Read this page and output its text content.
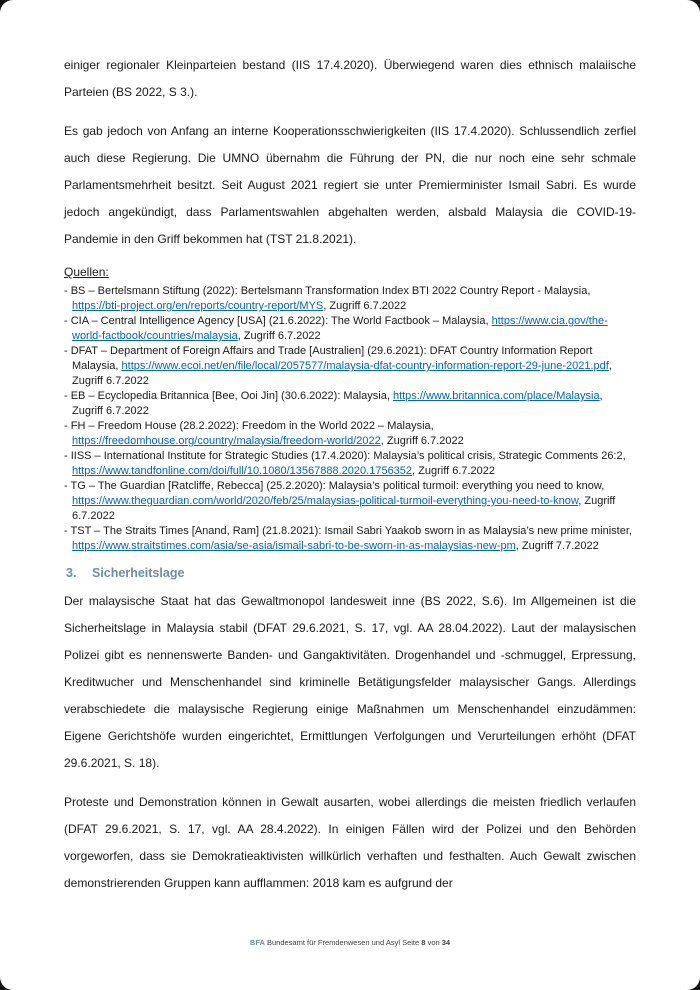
einiger regionaler Kleinparteien bestand (IIS 17.4.2020). Überwiegend waren dies ethnisch malaiische Parteien (BS 2022, S 3.).

Es gab jedoch von Anfang an interne Kooperationsschwierigkeiten (IIS 17.4.2020). Schlussendlich zerfiel auch diese Regierung. Die UMNO übernahm die Führung der PN, die nur noch eine sehr schmale Parlamentsmehrheit besitzt. Seit August 2021 regiert sie unter Premierminister Ismail Sabri. Es wurde jedoch angekündigt, dass Parlamentswahlen abgehalten werden, alsbald Malaysia die COVID-19-Pandemie in den Griff bekommen hat (TST 21.8.2021).

Quellen:

- BS – Bertelsmann Stiftung (2022): Bertelsmann Transformation Index BTI 2022 Country Report - Malaysia, https://bti-project.org/en/reports/country-report/MYS, Zugriff 6.7.2022
- CIA – Central Intelligence Agency [USA] (21.6.2022): The World Factbook – Malaysia, https://www.cia.gov/the-world-factbook/countries/malaysia, Zugriff 6.7.2022
- DFAT – Department of Foreign Affairs and Trade [Australien] (29.6.2021): DFAT Country Information Report Malaysia, https://www.ecoi.net/en/file/local/2057577/malaysia-dfat-country-information-report-29-june-2021.pdf, Zugriff 6.7.2022
- EB – Ecyclopedia Britannica [Bee, Ooi Jin] (30.6.2022): Malaysia, https://www.britannica.com/place/Malaysia, Zugriff 6.7.2022
- FH – Freedom House (28.2.2022): Freedom in the World 2022 – Malaysia, https://freedomhouse.org/country/malaysia/freedom-world/2022, Zugriff 6.7.2022
- IISS – International Institute for Strategic Studies (17.4.2020): Malaysia’s political crisis, Strategic Comments 26:2, https://www.tandfonline.com/doi/full/10.1080/13567888.2020.1756352, Zugriff 6.7.2022
- TG – The Guardian [Ratcliffe, Rebecca] (25.2.2020): Malaysia’s political turmoil: everything you need to know, https://www.theguardian.com/world/2020/feb/25/malaysias-political-turmoil-everything-you-need-to-know, Zugriff 6.7.2022
- TST – The Straits Times [Anand, Ram] (21.8.2021): Ismail Sabri Yaakob sworn in as Malaysia’s new prime minister, https://www.straitstimes.com/asia/se-asia/ismail-sabri-to-be-sworn-in-as-malaysias-new-pm, Zugriff 7.7.2022
3. Sicherheitslage

Der malaysische Staat hat das Gewaltmonopol landesweit inne (BS 2022, S.6). Im Allgemeinen ist die Sicherheitslage in Malaysia stabil (DFAT 29.6.2021, S. 17, vgl. AA 28.04.2022). Laut der malaysischen Polizei gibt es nennenswerte Banden- und Gangaktivitäten. Drogenhandel und -schmuggel, Erpressung, Kreditwucher und Menschenhandel sind kriminelle Betätigungsfelder malaysischer Gangs. Allerdings verabschiedete die malaysische Regierung einige Maßnahmen um Menschenhandel einzudämmen: Eigene Gerichtshöfe wurden eingerichtet, Ermittlungen Verfolgungen und Verurteilungen erhöht (DFAT 29.6.2021, S. 18).

Proteste und Demonstration können in Gewalt ausarten, wobei allerdings die meisten friedlich verlaufen (DFAT 29.6.2021, S. 17, vgl. AA 28.4.2022). In einigen Fällen wird der Polizei und den Behörden vorgeworfen, dass sie Demokratieaktivisten willkürlich verhaften und festhalten. Auch Gewalt zwischen demonstrierenden Gruppen kann aufflammen: 2018 kam es aufgrund der

BFA Bundesamt für Fremdenwesen und Asyl Seite 8 von 34
